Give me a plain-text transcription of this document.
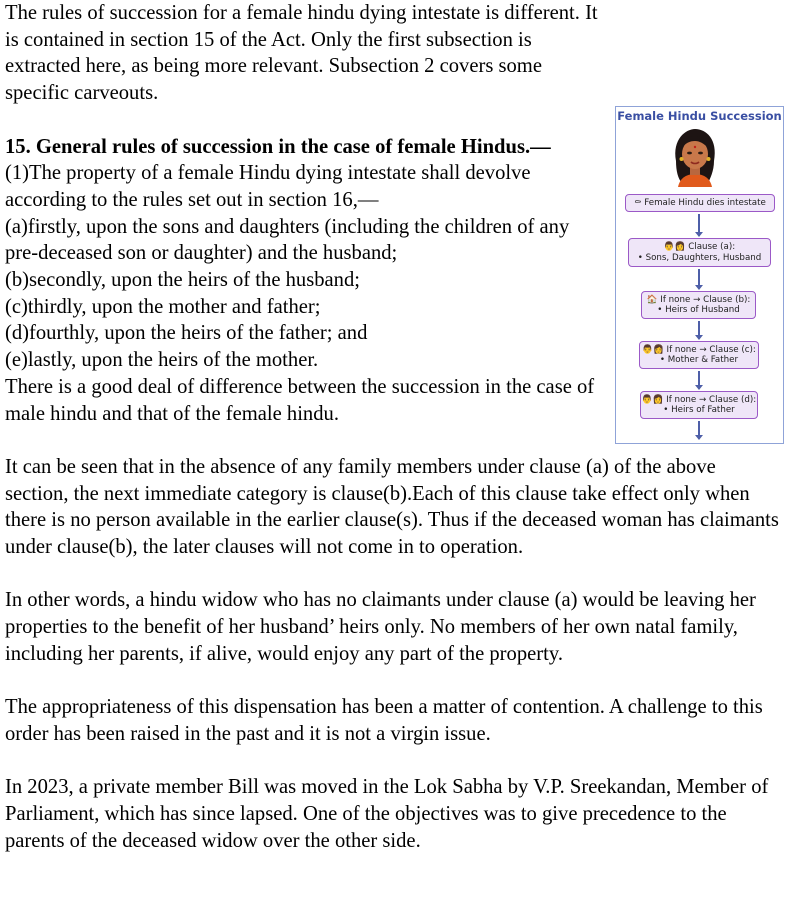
Female Hindu Succession
⚰ Female Hindu dies intestate
👨‍👩 Clause (a):
• Sons, Daughters, Husband
🏠 If none → Clause (b):
• Heirs of Husband
👨‍👩 If none → Clause (c):
• Mother & Father
👨‍👩 If none → Clause (d):
• Heirs of Father

The rules of succession for a female hindu dying intestate is different. It is contained in section 15 of the Act. Only the first subsection is extracted here, as being more relevant. Subsection 2 covers some specific carveouts.

15. General rules of succession in the case of female Hindus.—

(1)The property of a female Hindu dying intestate shall devolve according to the rules set out in section 16,—

(a)firstly, upon the sons and daughters (including the children of any pre-deceased son or daughter) and the husband;

(b)secondly, upon the heirs of the husband;

(c)thirdly, upon the mother and father;

(d)fourthly, upon the heirs of the father; and

(e)lastly, upon the heirs of the mother.

There is a good deal of difference between the succession in the case of male hindu and that of the female hindu.

It can be seen that in the absence of any family members under clause (a) of the above section, the next immediate category is clause(b).Each of this clause take effect only when there is no person available in the earlier clause(s). Thus if the deceased woman has claimants under clause(b), the later clauses will not come in to operation.

In other words, a hindu widow who has no claimants under clause (a) would be leaving her properties to the benefit of her husband’ heirs only. No members of her own natal family, including her parents, if alive, would enjoy any part of the property.

The appropriateness of this dispensation has been a matter of contention. A challenge to this order has been raised in the past and it is not a virgin issue.

In 2023, a private member Bill was moved in the Lok Sabha by V.P. Sreekandan, Member of Parliament, which has since lapsed. One of the objectives was to give precedence to the parents of the deceased widow over the other side.
